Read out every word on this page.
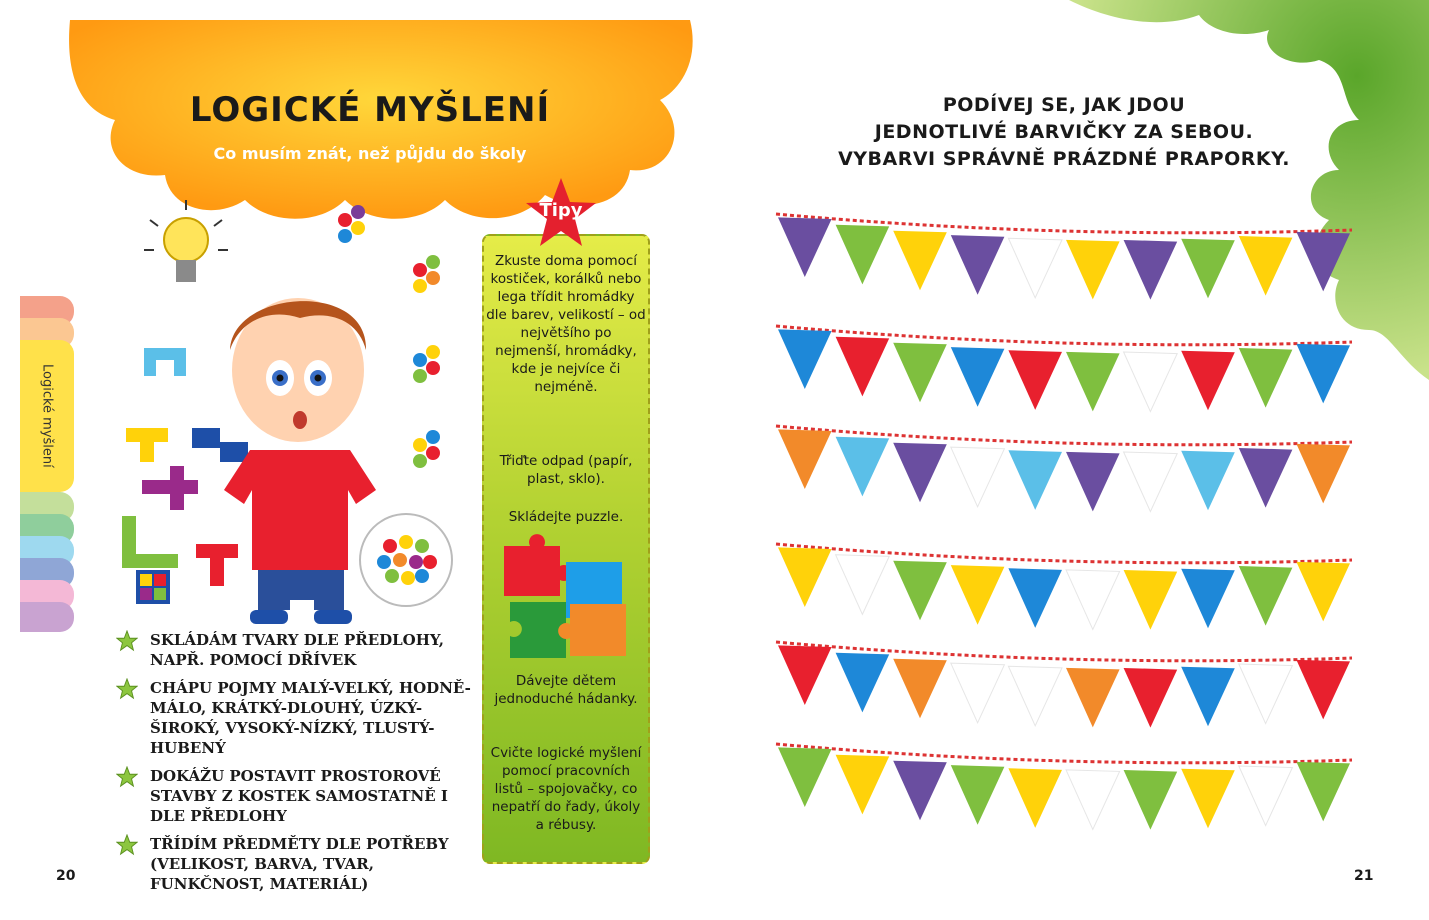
LOGICKÉ MYŠLENÍ
Co musím znát, než půjdu do školy
Logické myšlení
SKLÁDÁM TVARY DLE PŘEDLOHY, NAPŘ. POMOCÍ DŘÍVEK
CHÁPU POJMY MALÝ-VELKÝ, HODNĚ-MÁLO, KRÁTKÝ-DLOUHÝ, ÚZKÝ-ŠIROKÝ, VYSOKÝ-NÍZKÝ, TLUSTÝ-HUBENÝ
DOKÁŽU POSTAVIT PROSTOROVÉ STAVBY Z KOSTEK SAMOSTATNĚ I DLE PŘEDLOHY
TŘÍDÍM PŘEDMĚTY DLE POTŘEBY (VELIKOST, BARVA, TVAR, FUNKČNOST, MATERIÁL)
20
Tipy
Zkuste doma pomocí kostiček, korálků nebo lega třídit hromádky dle barev, velikostí – od největšího po nejmenší, hromádky, kde je nejvíce či nejméně.
Třiďte odpad (papír, plast, sklo).
Skládejte puzzle.
Dávejte dětem jednoduché hádanky.
Cvičte logické myšlení pomocí pracovních listů – spojovačky, co nepatří do řady, úkoly a rébusy.
PODÍVEJ SE, JAK JDOU
JEDNOTLIVÉ BARVIČKY ZA SEBOU.
VYBARVI SPRÁVNĚ PRÁZDNÉ PRAPORKY.
21
